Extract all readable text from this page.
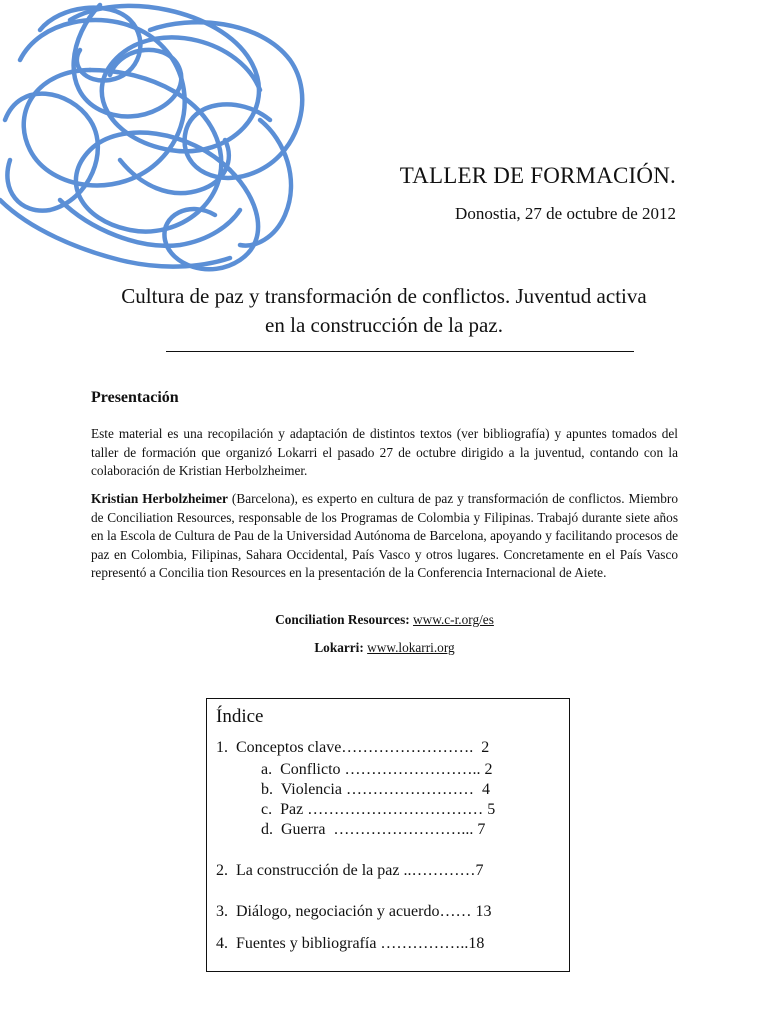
TALLER DE FORMACIÓN.
Donostia, 27 de octubre de 2012
Cultura de paz y transformación de conflictos. Juventud activa
en la construcción de la paz.
Presentación

Este material es una recopilación y adaptación de distintos textos (ver bibliografía) y apuntes tomados del taller de formación que organizó Lokarri el pasado 27 de octubre dirigido a la juventud, contando con la colaboración de Kristian Herbolzheimer.

Kristian Herbolzheimer (Barcelona), es experto en cultura de paz y transformación de conflictos. Miembro de Conciliation Resources, responsable de los Programas de Colombia y Filipinas. Trabajó durante siete años en la Escola de Cultura de Pau de la Universidad Autónoma de Barcelona, apoyando y facilitando procesos de paz en Colombia, Filipinas, Sahara Occidental, País Vasco y otros lugares. Concretamente en el País Vasco representó a Concilia tion Resources en la presentación de la Conferencia Internacional de Aiete.

Conciliation Resources: www.c-r.org/es
Lokarri: www.lokarri.org
Índice
1.  Conceptos clave…………………….  2
a.  Conflicto …………………….. 2
b.  Violencia ……………………  4
c.  Paz …………………………… 5
d.  Guerra  ……………………... 7
2.  La construcción de la paz ..…………7
3.  Diálogo, negociación y acuerdo…… 13
4.  Fuentes y bibliografía ……………..18
